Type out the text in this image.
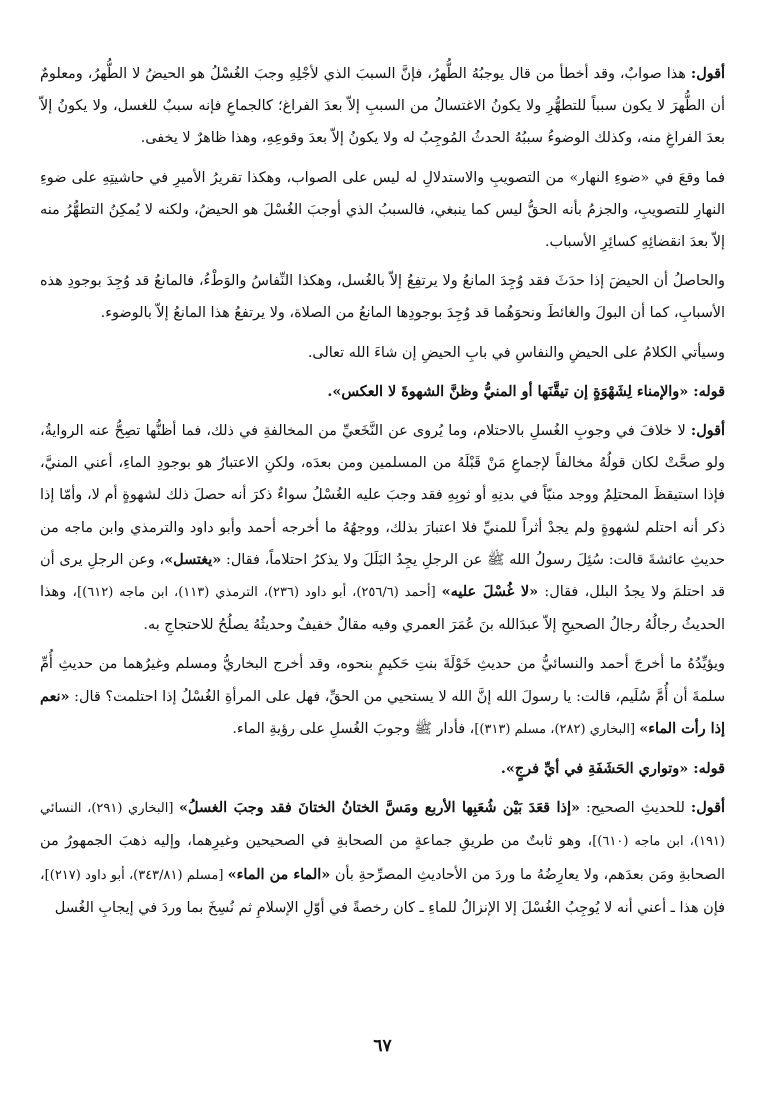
أقول: هذا صوابٌ، وقد أخطأ من قال يوجبُهُ الطُّهرُ، فإنَّ السببَ الذي لأجْلِهِ وجبَ الغُسْلُ هو الحيضُ لا الطُّهرُ، ومعلومٌ أن الطُّهرَ لا يكون سبباً للتطهُّرِ ولا يكونُ الاغتسالُ من السببِ إلاّ بعدَ الفراغ؛ كالجماعِ فإنه سببٌ للغسل، ولا يكونُ إلاّ بعدَ الفراغِ منه، وكذلك الوضوءُ سببُهُ الحدثُ المُوجِبُ له ولا يكونُ إلاّ بعدَ وقوعِهِ، وهذا ظاهرٌ لا يخفى.

فما وقعَ في «ضوءِ النهار» من التصويبِ والاستدلالِ له ليس على الصواب، وهكذا تقريرُ الأميرِ في حاشيتِهِ على ضوءِ النهارِ للتصويبِ، والجزمُ بأنه الحقُّ ليس كما ينبغي، فالسببُ الذي أوجبَ الغُسْلَ هو الحيضُ، ولكنه لا يُمكِنُ التطهُّرُ منه إلاّ بعدَ انقضائِهِ كسائِرِ الأسباب.

والحاصلُ أن الحيضَ إذا حدَثَ فقد وُجِدَ المانعُ ولا يرتفِعُ إلاّ بالغُسل، وهكذا النِّفاسُ والوَطْءُ، فالمانعُ قد وُجِدَ بوجودِ هذه الأسبابِ، كما أن البولَ والغائطَ ونحوَهُما قد وُجِدَ بوجودِها المانعُ من الصلاة، ولا يرتفعُ هذا المانعُ إلاّ بالوضوء.

وسيأتي الكلامُ على الحيضِ والنفاسِ في بابِ الحيضِ إن شاءَ الله تعالى.

قوله: «والإمناء لِشَهْوَةٍ إن تيقَّنَها أو المنيُّ وظنَّ الشهوةَ لا العكس».

أقول: لا خلافَ في وجوبِ الغُسلِ بالاحتلام، وما يُروى عن النَّخَعيِّ من المخالفةِ في ذلك، فما أظنُّها تصِحُّ عنه الروايةُ، ولو صحَّتْ لكان قولُهُ مخالفاً لإجماعِ مَنْ قَبْلَهُ من المسلمين ومن بعدَه، ولكنِ الاعتبارُ هو بوجودِ الماءِ، أعني المنيَّ، فإذا استيقظَ المحتلِمُ ووجد منيّاً في بدنِهِ أو ثوبِهِ فقد وجبَ عليه الغُسْلُ سواءٌ ذكرَ أنه حصلَ ذلك لشهوةٍ أم لا، وأمّا إذا ذكر أنه احتلم لشهوةٍ ولم يجدْ أثراً للمنيِّ فلا اعتبارَ بذلك، ووجهُهُ ما أخرجه أحمد وأبو داود والترمذي وابن ماجه من حديثِ عائشةَ قالت: سُئِلَ رسولُ الله ﷺ عن الرجلِ يجِدُ البَلَلَ ولا يذكرُ احتلاماً، فقال: «يغتسل»، وعن الرجلِ يرى أن قد احتلمَ ولا يجدُ البلل، فقال: «لا غُسْلَ عليه» [أحمد (٢٥٦/٦)، أبو داود (٢٣٦)، الترمذي (١١٣)، ابن ماجه (٦١٢)]، وهذا الحديثُ رجالُهُ رجالُ الصحيحِ إلاّ عبدَالله بنَ عُمَرَ العمري وفيه مقالٌ خفيفٌ وحديثُهُ يصلُحُ للاحتجاجِ به.

ويؤيِّدُهُ ما أخرجَ أحمد والنسائيُّ من حديثِ خَوْلَةَ بنتِ حَكيمٍ بنحوه، وقد أخرج البخاريُّ ومسلم وغيرُهما من حديثِ أُمِّ سلمةَ أن أُمَّ سُلَيم، قالت: يا رسولَ الله إنَّ الله لا يستحيي من الحقِّ، فهل على المرأةِ الغُسْلُ إذا احتلمت؟ قال: «نعم إذا رأت الماء» [البخاري (٢٨٢)، مسلم (٣١٣)]، فأدار ﷺ وجوبَ الغُسلِ على رؤيةِ الماء.

قوله: «وتواري الحَشَفَةِ في أيِّ فرجٍ».

أقول: للحديثِ الصحيح: «إذا قعَدَ بَيْن شُعَبِها الأربع ومَسَّ الختانُ الختانَ فقد وجبَ الغسلُ» [البخاري (٢٩١)، النسائي (١٩١)، ابن ماجه (٦١٠)]، وهو ثابتٌ من طريقِ جماعةٍ من الصحابةِ في الصحيحين وغيرِهما، وإليه ذهبَ الجمهورُ من الصحابةِ ومَن بعدَهم، ولا يعارِضُهُ ما وردَ من الأحاديثِ المصرِّحةِ بأن «الماء من الماء» [مسلم (٣٤٣/٨١)، أبو داود (٢١٧)]، فإن هذا ـ أعني أنه لا يُوجِبُ الغُسْلَ إلا الإنزالُ للماءِ ـ كان رخصةً في أوّلِ الإسلامِ ثم نُسِخَ بما وردَ في إيجابِ الغُسل

٦٧
